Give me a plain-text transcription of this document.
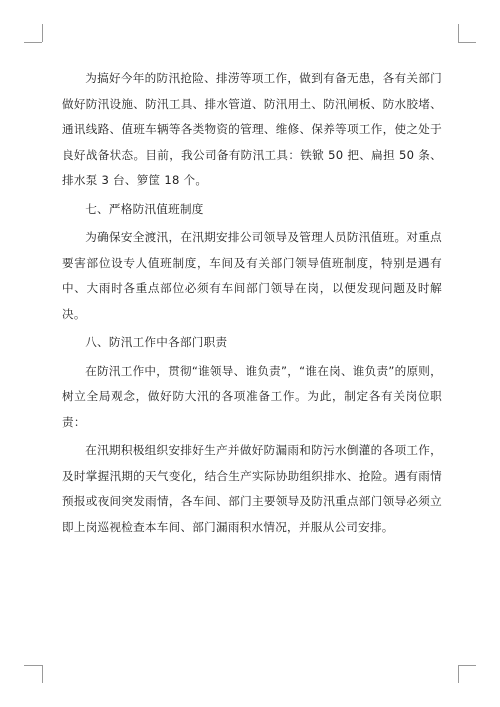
为搞好今年的防汛抢险、排涝等项工作，做到有备无患，各有关部门做好防汛设施、防汛工具、排水管道、防汛用土、防汛闸板、防水胶堵、通讯线路、值班车辆等各类物资的管理、维修、保养等项工作，使之处于良好战备状态。目前，我公司备有防汛工具：铁锨 50 把、扁担 50 条、排水泵 3 台、箩筐 18 个。

七、严格防汛值班制度

为确保安全渡汛，在汛期安排公司领导及管理人员防汛值班。对重点要害部位设专人值班制度，车间及有关部门领导值班制度，特别是遇有中、大雨时各重点部位必须有车间部门领导在岗，以便发现问题及时解决。

八、防汛工作中各部门职责

在防汛工作中，贯彻“谁领导、谁负责”，“谁在岗、谁负责”的原则，树立全局观念，做好防大汛的各项准备工作。为此，制定各有关岗位职责：

在汛期积极组织安排好生产并做好防漏雨和防污水倒灌的各项工作，及时掌握汛期的天气变化，结合生产实际协助组织排水、抢险。遇有雨情预报或夜间突发雨情，各车间、部门主要领导及防汛重点部门领导必须立即上岗巡视检查本车间、部门漏雨积水情况，并服从公司安排。
